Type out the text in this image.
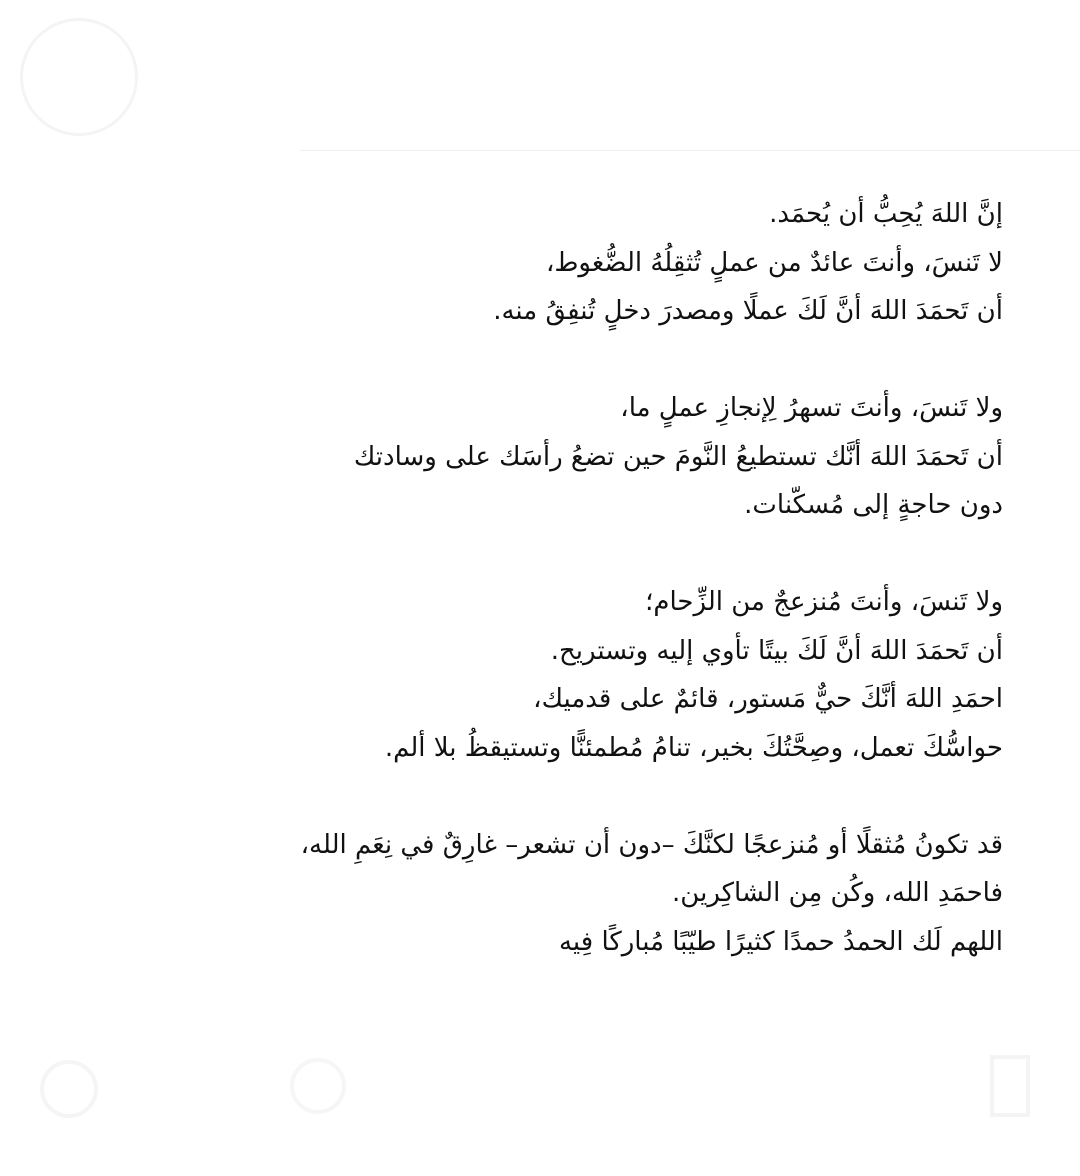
إنَّ اللهَ يُحِبُّ أن يُحمَد.
لا تَنسَ، وأنتَ عائدٌ من عملٍ تُثقِلُهُ الضُّغوط،
أن تَحمَدَ اللهَ أنَّ لَكَ عملًا ومصدرَ دخلٍ تُنفِقُ منه.
ولا تَنسَ، وأنتَ تسهرُ لِإنجازِ عملٍ ما،
أن تَحمَدَ اللهَ أنَّك تستطيعُ النَّومَ حين تضعُ رأسَك على وسادتك
دون حاجةٍ إلى مُسكّنات.
ولا تَنسَ، وأنتَ مُنزعجٌ من الزِّحام؛
أن تَحمَدَ اللهَ أنَّ لَكَ بيتًا تأوي إليه وتستريح.
احمَدِ اللهَ أنَّكَ حيٌّ مَستور، قائمٌ على قدميك،
حواسُّكَ تعمل، وصِحَّتُكَ بخير، تنامُ مُطمئنًّا وتستيقظُ بلا ألم.
قد تكونُ مُثقلًا أو مُنزعجًا لكنَّكَ –دون أن تشعر– غارِقٌ في نِعَمِ الله،
فاحمَدِ الله، وكُن مِن الشاكِرين.
اللهم لَك الحمدُ حمدًا كثيرًا طيّبًا مُباركًا فِيه
